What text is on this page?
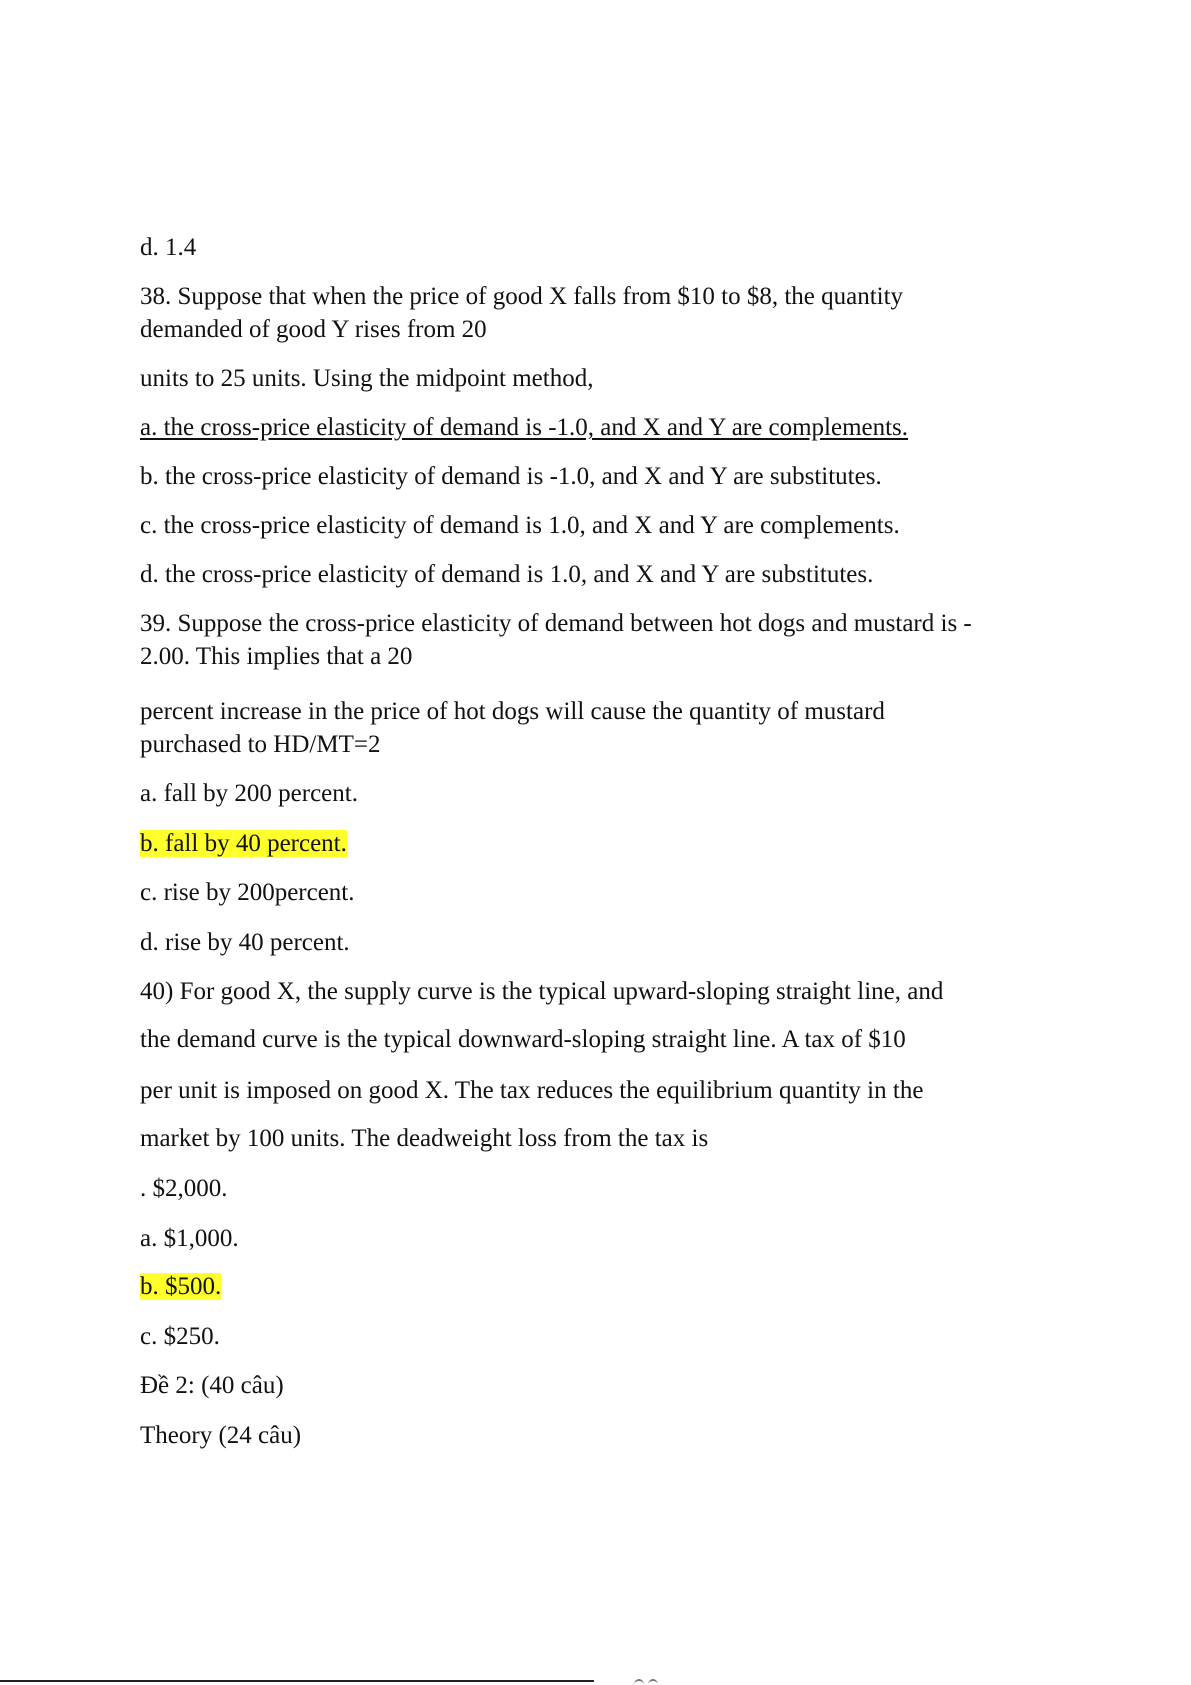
d. 1.4

38. Suppose that when the price of good X falls from $10 to $8, the quantity

demanded of good Y rises from 20

units to 25 units. Using the midpoint method,

a. the cross-price elasticity of demand is -1.0, and X and Y are complements.

b. the cross-price elasticity of demand is -1.0, and X and Y are substitutes.

c. the cross-price elasticity of demand is 1.0, and X and Y are complements.

d. the cross-price elasticity of demand is 1.0, and X and Y are substitutes.

39. Suppose the cross-price elasticity of demand between hot dogs and mustard is -

2.00. This implies that a 20

percent increase in the price of hot dogs will cause the quantity of mustard

purchased to HD/MT=2

a. fall by 200 percent.

b. fall by 40 percent.

c. rise by 200percent.

d. rise by 40 percent.

40) For good X, the supply curve is the typical upward-sloping straight line, and

the demand curve is the typical downward-sloping straight line. A tax of $10

per unit is imposed on good X. The tax reduces the equilibrium quantity in the

market by 100 units. The deadweight loss from the tax is

. $2,000.

a. $1,000.

b. $500.

c. $250.

Đề 2: (40 câu)

Theory (24 câu)
